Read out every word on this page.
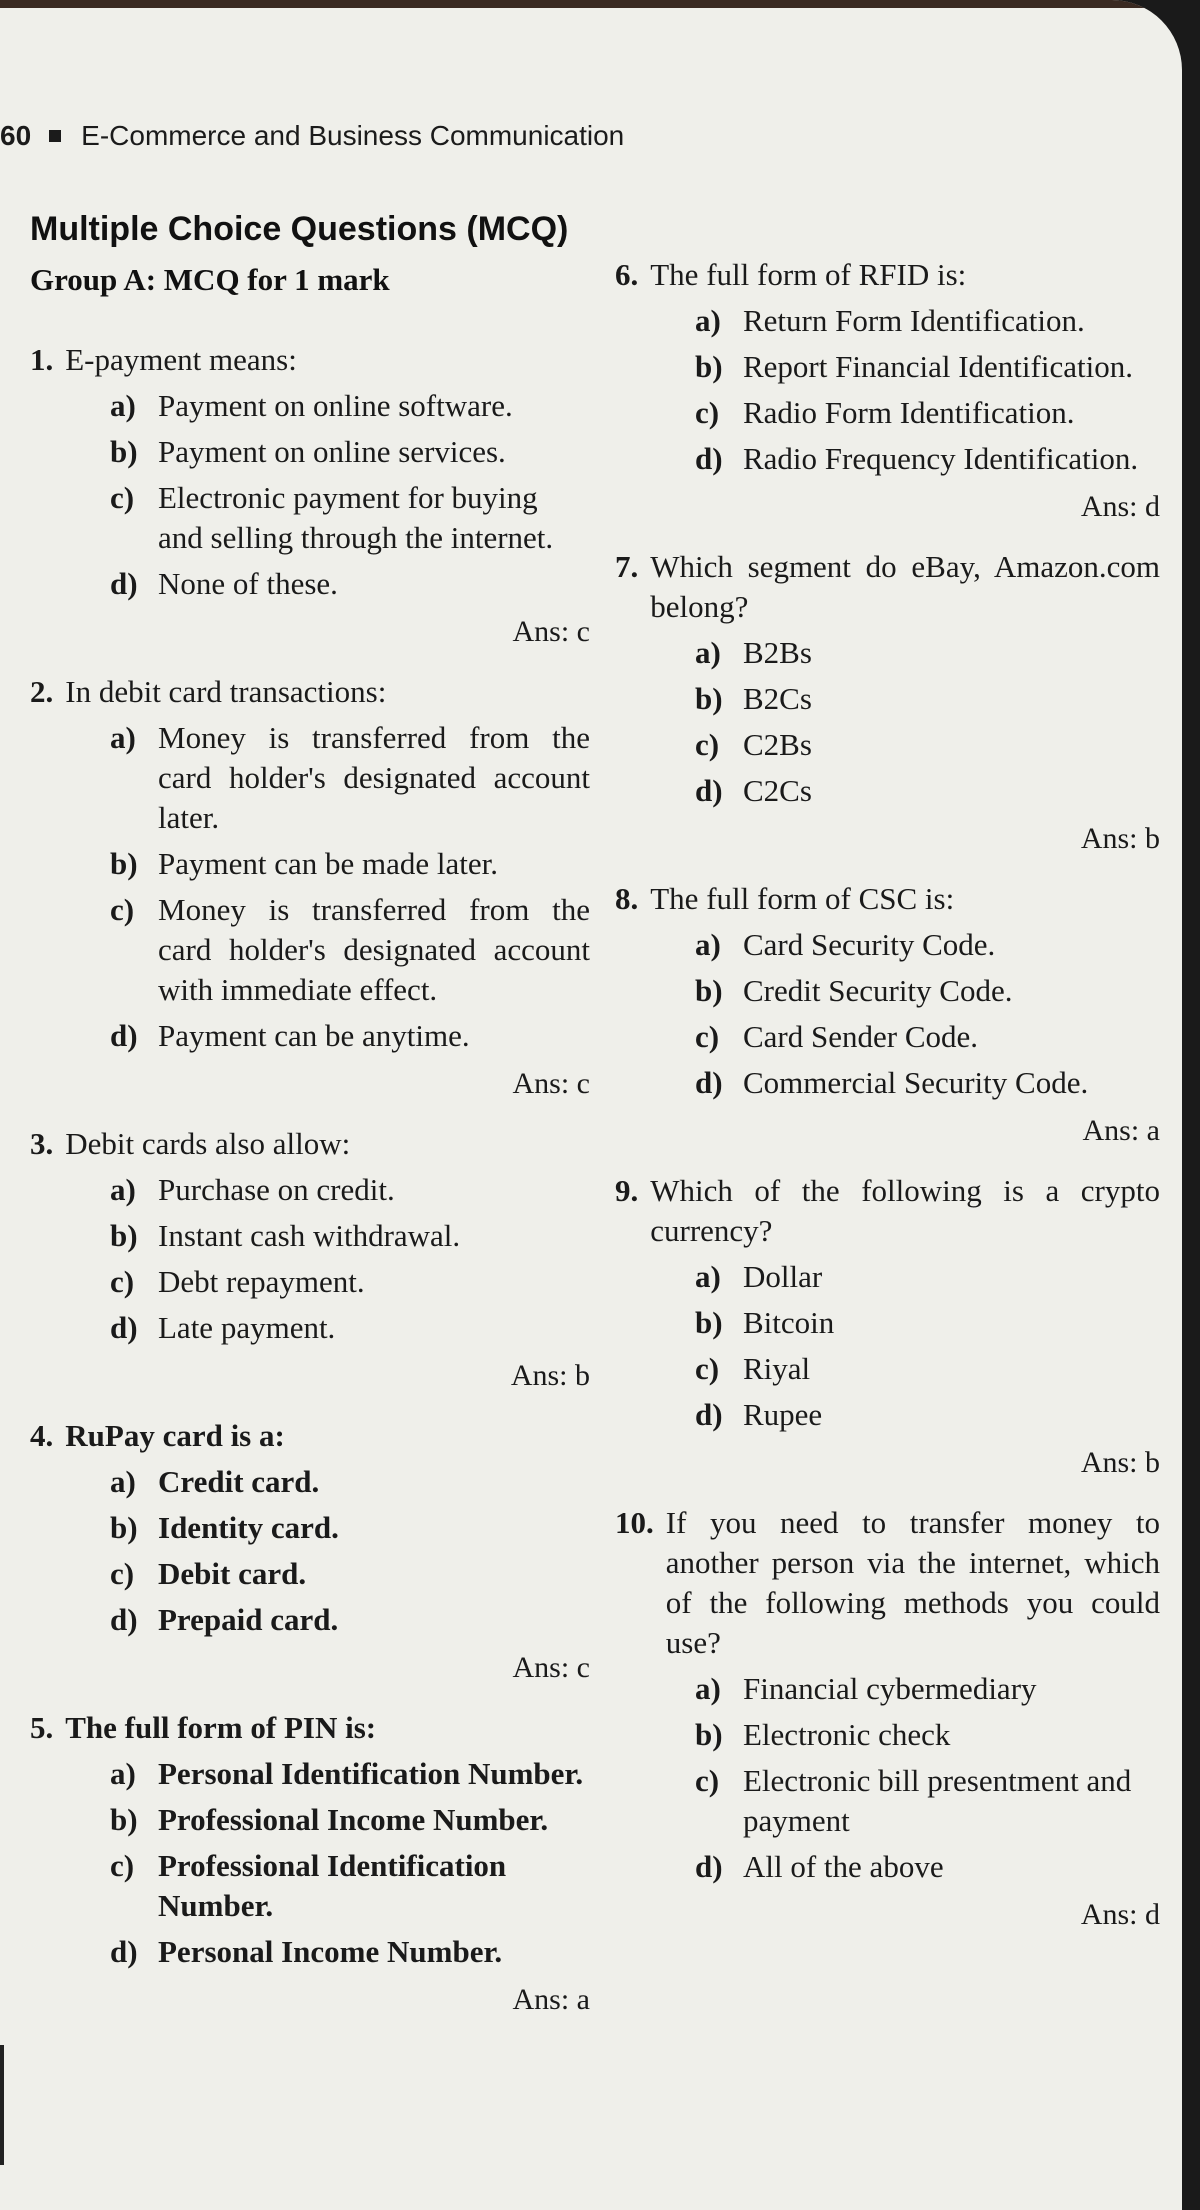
60 E-Commerce and Business Communication
Multiple Choice Questions (MCQ)
Group A: MCQ for 1 mark
1. E-payment means:
a) Payment on online software.
b) Payment on online services.
c) Electronic payment for buying and selling through the internet.
d) None of these.
Ans: c
2. In debit card transactions:
a) Money is transferred from the card holder's designated account later.
b) Payment can be made later.
c) Money is transferred from the card holder's designated account with immediate effect.
d) Payment can be anytime.
Ans: c
3. Debit cards also allow:
a) Purchase on credit.
b) Instant cash withdrawal.
c) Debt repayment.
d) Late payment.
Ans: b
4. RuPay card is a:
a) Credit card.
b) Identity card.
c) Debit card.
d) Prepaid card.
Ans: c
5. The full form of PIN is:
a) Personal Identification Number.
b) Professional Income Number.
c) Professional Identification Number.
d) Personal Income Number.
Ans: a
6. The full form of RFID is:
a) Return Form Identification.
b) Report Financial Identification.
c) Radio Form Identification.
d) Radio Frequency Identification.
Ans: d
7. Which segment do eBay, Amazon.com belong?
a) B2Bs
b) B2Cs
c) C2Bs
d) C2Cs
Ans: b
8. The full form of CSC is:
a) Card Security Code.
b) Credit Security Code.
c) Card Sender Code.
d) Commercial Security Code.
Ans: a
9. Which of the following is a crypto currency?
a) Dollar
b) Bitcoin
c) Riyal
d) Rupee
Ans: b
10. If you need to transfer money to another person via the internet, which of the following methods you could use?
a) Financial cybermediary
b) Electronic check
c) Electronic bill presentment and payment
d) All of the above
Ans: d
